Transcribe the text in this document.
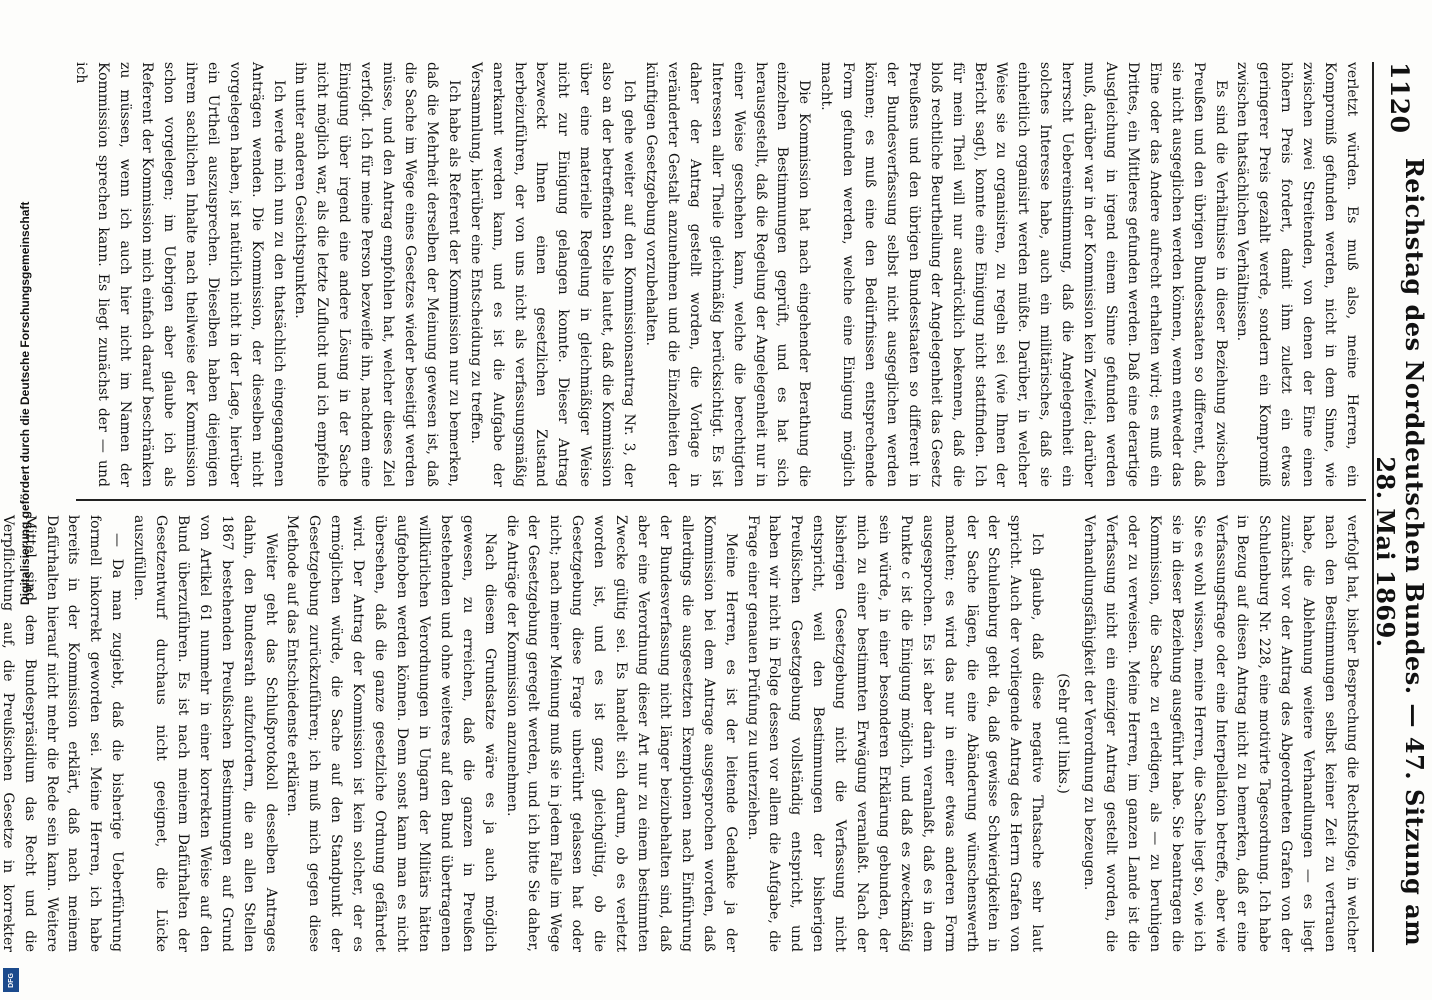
1120
Reichstag des Norddeutschen Bundes. — 47. Sitzung am 28. Mai 1869.

verletzt würden. Es muß also, meine Herren, ein Kompromiß gefunden werden, nicht in dem Sinne, wie zwischen zwei Streitenden, von denen der Eine einen höhern Preis fordert, damit ihm zuletzt ein etwas geringerer Preis gezahlt werde, sondern ein Kompromiß zwischen thatsächlichen Verhältnissen.

Es sind die Verhältnisse in dieser Beziehung zwischen Preußen und den übrigen Bundesstaaten so different, daß sie nicht ausgeglichen werden können, wenn entweder das Eine oder das Andere aufrecht erhalten wird; es muß ein Drittes, ein Mittleres gefunden werden. Daß eine derartige Ausgleichung in irgend einem Sinne gefunden werden muß, darüber war in der Kommission kein Zweifel; darüber herrscht Uebereinstimmung, daß die Angelegenheit ein solches Interesse habe, auch ein militärisches, daß sie einheitlich organisirt werden müßte. Darüber, in welcher Weise sie zu organisiren, zu regeln sei (wie Ihnen der Bericht sagt), konnte eine Einigung nicht stattfinden. Ich für mein Theil will nur ausdrücklich bekennen, daß die bloß rechtliche Beurtheilung der Angelegenheit das Gesetz Preußens und den übrigen Bundesstaaten so different in der Bundesverfassung selbst nicht ausgeglichen werden können; es muß eine den Bedürfnissen entsprechende Form gefunden werden, welche eine Einigung möglich macht.

Die Kommission hat nach eingehender Berathung die einzelnen Bestimmungen geprüft, und es hat sich herausgestellt, daß die Regelung der Angelegenheit nur in einer Weise geschehen kann, welche die berechtigten Interessen aller Theile gleichmäßig berücksichtigt. Es ist daher der Antrag gestellt worden, die Vorlage in veränderter Gestalt anzunehmen und die Einzelheiten der künftigen Gesetzgebung vorzubehalten.

Ich gehe weiter auf den Kommissionsantrag Nr. 3, der also an der betreffenden Stelle lautet, daß die Kommission über eine materielle Regelung in gleichmäßiger Weise nicht zur Einigung gelangen konnte. Dieser Antrag bezweckt Ihnen einen gesetzlichen Zustand herbeizuführen, der von uns nicht als verfassungsmäßig anerkannt werden kann, und es ist die Aufgabe der Versammlung, hierüber eine Entscheidung zu treffen.

Ich habe als Referent der Kommission nur zu bemerken, daß die Mehrheit derselben der Meinung gewesen ist, daß die Sache im Wege eines Gesetzes wieder beseitigt werden müsse, und den Antrag empfohlen hat, welcher dieses Ziel verfolgt. Ich für meine Person bezweifle ihn, nachdem eine Einigung über irgend eine andere Lösung in der Sache nicht möglich war, als die letzte Zuflucht und ich empfehle ihn unter anderen Gesichtspunkten.

Ich werde mich nun zu den thatsächlich eingegangenen Anträgen wenden. Die Kommission, der dieselben nicht vorgelegen haben, ist natürlich nicht in der Lage, hierüber ein Urtheil auszusprechen. Dieselben haben diejenigen ihrem sachlichen Inhalte nach theilweise der Kommission schon vorgelegen; im Uebrigen aber glaube ich als Referent der Kommission mich einfach darauf beschränken zu müssen, wenn ich auch hier nicht im Namen der Kommission sprechen kann. Es liegt zunächst der — und ich

verfolgt hat, bisher Besprechung die Rechtsfolge, in welcher nach den Bestimmungen selbst keiner Zeit zu vertrauen habe, die Ablehnung weitere Verhandlungen — es liegt zunächst vor der Antrag des Abgeordneten Grafen von der Schulenburg Nr. 228, eine motivirte Tagesordnung. Ich habe in Bezug auf diesen Antrag nicht zu bemerken, daß er eine Verfassungsfrage oder eine Interpellation betreffe, aber wie Sie es wohl wissen, meine Herren, die Sache liegt so, wie ich sie in dieser Beziehung ausgeführt habe. Sie beantragen die Kommission, die Sache zu erledigen, als — zu beruhigen oder zu verweisen. Meine Herren, im ganzen Lande ist die Verfassung nicht ein einziger Antrag gestellt worden, die Verhandlungsfähigkeit der Verordnung zu bezeugen.

(Sehr gut! links.)

Ich glaube, daß diese negative Thatsache sehr laut spricht. Auch der vorliegende Antrag des Herrn Grafen von der Schulenburg geht da, daß gewisse Schwierigkeiten in der Sache lägen, die eine Abänderung wünschenswerth machten; es wird das nur in einer etwas anderen Form ausgesprochen. Es ist aber darin veranlaßt, daß es in dem Punkte c ist die Einigung möglich, und daß es zweckmäßig sein würde, in einer besonderen Erklärung gebunden, der mich zu einer bestimmten Erwägung veranlaßt. Nach der bisherigen Gesetzgebung nicht die Verfassung nicht entspricht, weil den Bestimmungen der bisherigen Preußischen Gesetzgebung vollständig entspricht, und haben wir nicht in Folge dessen vor allem die Aufgabe, die Frage einer genauen Prüfung zu unterziehen.

Meine Herren, es ist der leitende Gedanke ja der Kommission bei dem Antrage ausgesprochen worden, daß allerdings die ausgesetzten Exemptionen nach Einführung der Bundesverfassung nicht länger beizubehalten sind, daß aber eine Verordnung dieser Art nur zu einem bestimmten Zwecke gültig sei. Es handelt sich darum, ob es verletzt worden ist, und es ist ganz gleichgültig, ob die Gesetzgebung diese Frage unberührt gelassen hat oder nicht; nach meiner Meinung muß sie in jedem Falle im Wege der Gesetzgebung geregelt werden, und ich bitte Sie daher, die Anträge der Kommission anzunehmen.

Nach diesem Grundsatze wäre es ja auch möglich gewesen, zu erreichen, daß die ganzen in Preußen bestehenden und ohne weiteres auf den Bund übertragenen willkürlichen Verordnungen in Ungarn der Militärs hätten aufgehoben werden können. Denn sonst kann man es nicht übersehen, daß die ganze gesetzliche Ordnung gefährdet wird. Der Antrag der Kommission ist kein solcher, der es ermöglichen würde, die Sache auf den Standpunkt der Gesetzgebung zurückzuführen; ich muß mich gegen diese Methode auf das Entschiedenste erklären.

Weiter geht das Schlußprotokoll desselben Antrages dahin, den Bundesrath aufzufordern, die an allen Stellen 1867 bestehenden Preußischen Bestimmungen auf Grund von Artikel 61 nunmehr in einer korrekten Weise auf den Bund überzuführen. Es ist nach meinem Dafürhalten der Gesetzentwurf durchaus nicht geeignet, die Lücke auszufüllen.

— Da man zugiebt, daß die bisherige Ueberführung formell inkorrekt geworden sei. Meine Herren, ich habe bereits in der Kommission erklärt, daß nach meinem Dafürhalten hierauf nicht mehr die Rede sein kann. Weitere Mittel sind dem Bundespräsidium das Recht und die Verpflichtung auf, die Preußischen Gesetze in korrekter

Digitalisierung gefördert durch die Deutsche Forschungsgemeinschaft
DFG
